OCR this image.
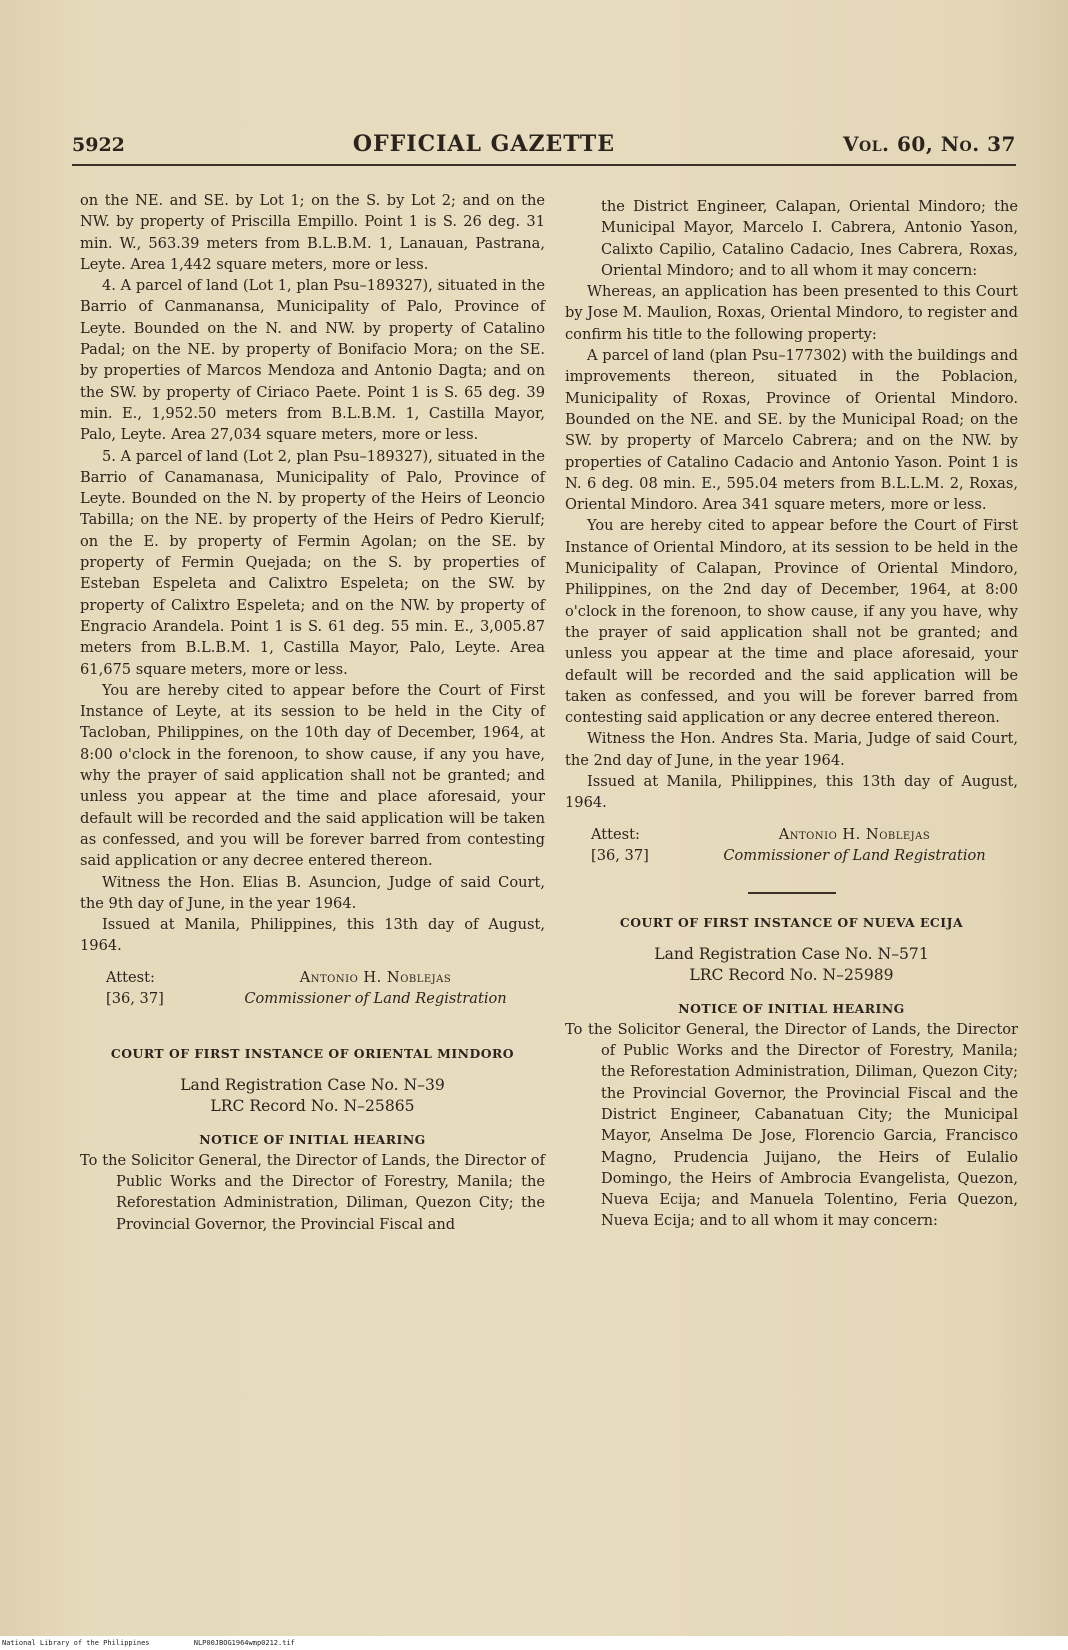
5922	OFFICIAL GAZETTE	Vol. 60, No. 37

on the NE. and SE. by Lot 1; on the S. by Lot 2; and on the NW. by property of Priscilla Empillo. Point 1 is S. 26 deg. 31 min. W., 563.39 meters from B.L.B.M. 1, Lanauan, Pastrana, Leyte. Area 1,442 square meters, more or less.

4. A parcel of land (Lot 1, plan Psu–189327), situated in the Barrio of Canmanansa, Municipality of Palo, Province of Leyte. Bounded on the N. and NW. by property of Catalino Padal; on the NE. by property of Bonifacio Mora; on the SE. by properties of Marcos Mendoza and Antonio Dagta; and on the SW. by property of Ciriaco Paete. Point 1 is S. 65 deg. 39 min. E., 1,952.50 meters from B.L.B.M. 1, Castilla Mayor, Palo, Leyte. Area 27,034 square meters, more or less.

5. A parcel of land (Lot 2, plan Psu–189327), situated in the Barrio of Canamanasa, Municipality of Palo, Province of Leyte. Bounded on the N. by property of the Heirs of Leoncio Tabilla; on the NE. by property of the Heirs of Pedro Kierulf; on the E. by property of Fermin Agolan; on the SE. by property of Fermin Quejada; on the S. by properties of Esteban Espeleta and Calixtro Espeleta; on the SW. by property of Calixtro Espeleta; and on the NW. by property of Engracio Arandela. Point 1 is S. 61 deg. 55 min. E., 3,005.87 meters from B.L.B.M. 1, Castilla Mayor, Palo, Leyte. Area 61,675 square meters, more or less.

You are hereby cited to appear before the Court of First Instance of Leyte, at its session to be held in the City of Tacloban, Philippines, on the 10th day of December, 1964, at 8:00 o'clock in the forenoon, to show cause, if any you have, why the prayer of said application shall not be granted; and unless you appear at the time and place aforesaid, your default will be recorded and the said application will be taken as confessed, and you will be forever barred from contesting said application or any decree entered thereon.

Witness the Hon. Elias B. Asuncion, Judge of said Court, the 9th day of June, in the year 1964.

Issued at Manila, Philippines, this 13th day of August, 1964.

Attest:	Antonio H. Noblejas
[36, 37]	Commissioner of Land Registration
COURT OF FIRST INSTANCE OF ORIENTAL MINDORO
Land Registration Case No. N–39
LRC Record No. N–25865
NOTICE OF INITIAL HEARING

To the Solicitor General, the Director of Lands, the Director of Public Works and the Director of Forestry, Manila; the Reforestation Administration, Diliman, Quezon City; the Provincial Governor, the Provincial Fiscal and

the District Engineer, Calapan, Oriental Mindoro; the Municipal Mayor, Marcelo I. Cabrera, Antonio Yason, Calixto Capilio, Catalino Cadacio, Ines Cabrera, Roxas, Oriental Mindoro; and to all whom it may concern:

Whereas, an application has been presented to this Court by Jose M. Maulion, Roxas, Oriental Mindoro, to register and confirm his title to the following property:

A parcel of land (plan Psu–177302) with the buildings and improvements thereon, situated in the Poblacion, Municipality of Roxas, Province of Oriental Mindoro. Bounded on the NE. and SE. by the Municipal Road; on the SW. by property of Marcelo Cabrera; and on the NW. by properties of Catalino Cadacio and Antonio Yason. Point 1 is N. 6 deg. 08 min. E., 595.04 meters from B.L.L.M. 2, Roxas, Oriental Mindoro. Area 341 square meters, more or less.

You are hereby cited to appear before the Court of First Instance of Oriental Mindoro, at its session to be held in the Municipality of Calapan, Province of Oriental Mindoro, Philippines, on the 2nd day of December, 1964, at 8:00 o'clock in the forenoon, to show cause, if any you have, why the prayer of said application shall not be granted; and unless you appear at the time and place aforesaid, your default will be recorded and the said application will be taken as confessed, and you will be forever barred from contesting said application or any decree entered thereon.

Witness the Hon. Andres Sta. Maria, Judge of said Court, the 2nd day of June, in the year 1964.

Issued at Manila, Philippines, this 13th day of August, 1964.

Attest:	Antonio H. Noblejas
[36, 37]	Commissioner of Land Registration
COURT OF FIRST INSTANCE OF NUEVA ECIJA
Land Registration Case No. N–571
LRC Record No. N–25989
NOTICE OF INITIAL HEARING

To the Solicitor General, the Director of Lands, the Director of Public Works and the Director of Forestry, Manila; the Reforestation Administration, Diliman, Quezon City; the Provincial Governor, the Provincial Fiscal and the District Engineer, Cabanatuan City; the Municipal Mayor, Anselma De Jose, Florencio Garcia, Francisco Magno, Prudencia Juijano, the Heirs of Eulalio Domingo, the Heirs of Ambrocia Evangelista, Quezon, Nueva Ecija; and Manuela Tolentino, Feria Quezon, Nueva Ecija; and to all whom it may concern:

National Library of the Philippines	NLP00JBOG1964wmp0212.tif
